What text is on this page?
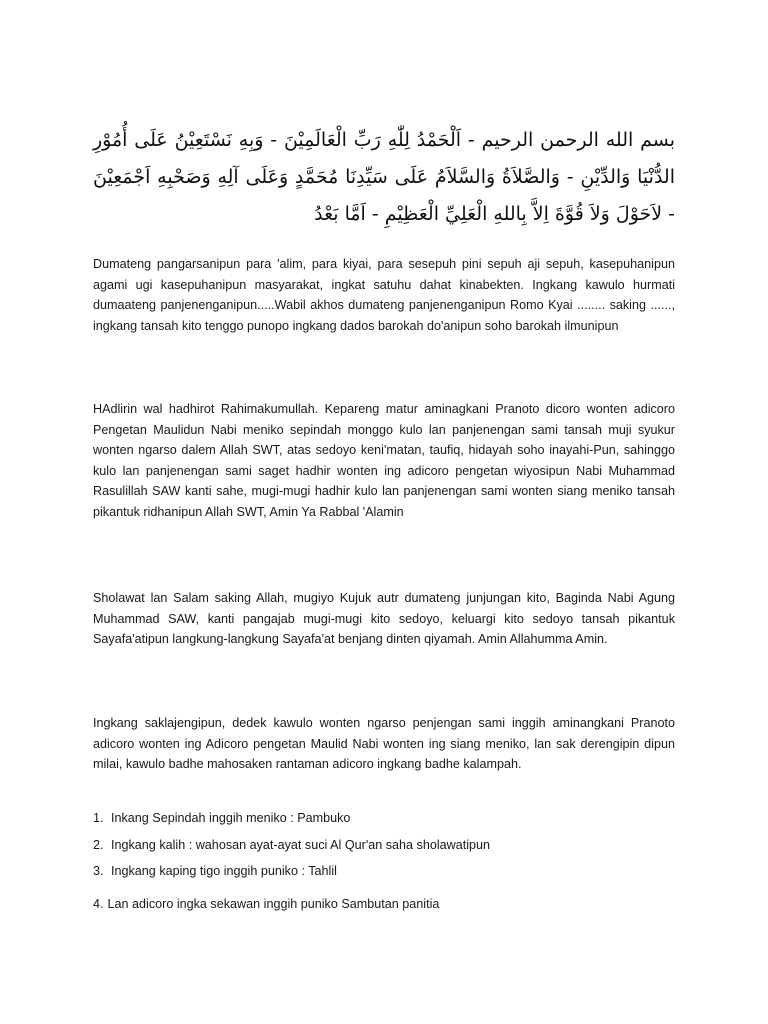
بسم الله الرحمن الرحيم - اَلْحَمْدُ لِلّٰهِ رَبِّ الْعَالَمِيْنَ - وَبِهِ نَسْتَعِيْنُ عَلَى أُمُوْرِ الدُّنْيَا وَالدِّيْنِ - وَالصَّلاَةُ وَالسَّلاَمُ عَلَى سَيِّدِنَا مُحَمَّدٍ وَعَلَى آلِهِ وَصَحْبِهِ اَجْمَعِيْنَ - لاَحَوْلَ وَلاَ قُوَّةَ اِلاَّ بِاللهِ الْعَلِيِّ الْعَظِيْمِ - اَمَّا بَعْدُ

Dumateng pangarsanipun para 'alim, para kiyai, para sesepuh pini sepuh aji sepuh, kasepuhanipun agami ugi kasepuhanipun masyarakat, ingkat satuhu dahat kinabekten. Ingkang kawulo hurmati dumaateng panjenenganipun.....Wabil akhos dumateng panjenenganipun Romo Kyai ........ saking ......, ingkang tansah kito tenggo punopo ingkang dados barokah do'anipun soho barokah ilmunipun

HAdlirin wal hadhirot Rahimakumullah. Kepareng matur aminagkani Pranoto dicoro wonten adicoro Pengetan Maulidun Nabi meniko sepindah monggo kulo lan panjenengan sami tansah muji syukur wonten ngarso dalem Allah SWT, atas sedoyo keni'matan, taufiq, hidayah soho inayahi-Pun, sahinggo kulo lan panjenengan sami saget hadhir wonten ing adicoro pengetan wiyosipun Nabi Muhammad Rasulillah SAW kanti sahe, mugi-mugi hadhir kulo lan panjenengan sami wonten siang meniko tansah pikantuk ridhanipun Allah SWT, Amin Ya Rabbal 'Alamin

Sholawat lan Salam saking Allah, mugiyo Kujuk autr dumateng junjungan kito, Baginda Nabi Agung Muhammad SAW, kanti pangajab mugi-mugi kito sedoyo, keluargi kito sedoyo tansah pikantuk Sayafa'atipun langkung-langkung Sayafa'at benjang dinten qiyamah. Amin Allahumma Amin.

Ingkang saklajengipun, dedek kawulo wonten ngarso penjengan sami inggih aminangkani Pranoto adicoro wonten ing Adicoro pengetan Maulid Nabi wonten ing siang meniko, lan sak derengipin dipun milai, kawulo badhe mahosaken rantaman adicoro ingkang badhe kalampah.

1. Inkang Sepindah inggih meniko : Pambuko
2. Ingkang kalih : wahosan ayat-ayat suci Al Qur'an saha sholawatipun
3. Ingkang kaping tigo inggih puniko : Tahlil
4. Lan adicoro ingka sekawan inggih puniko Sambutan panitia
